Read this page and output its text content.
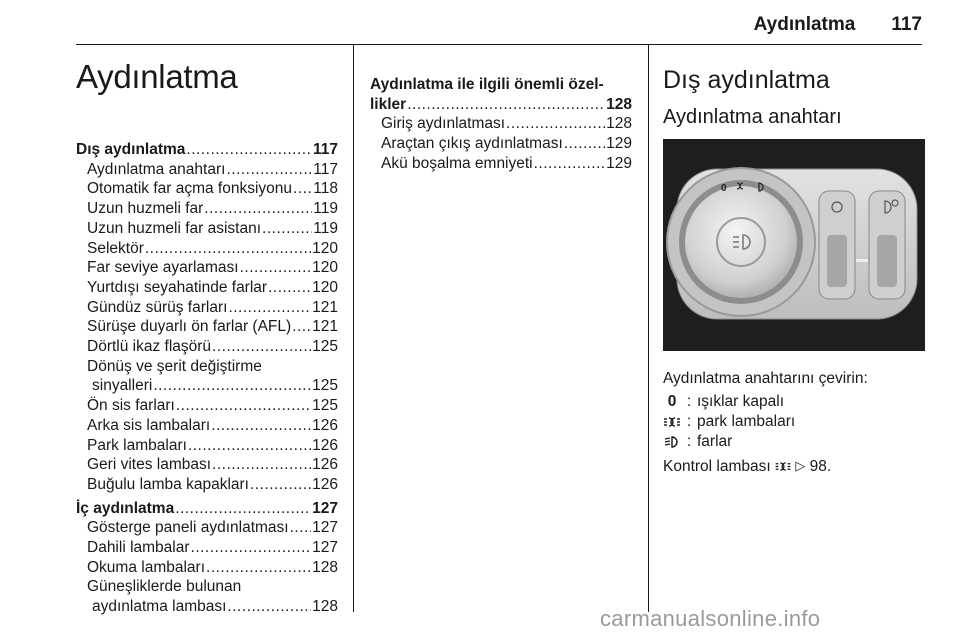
Aydınlatma 117
Aydınlatma
Dış aydınlatma .....	117
Aydınlatma anahtarı .....	117
Otomatik far açma fonksiyonu ..... 118
Uzun huzmeli far .....	119
Uzun huzmeli far asistanı .....	119
Selektör .....	120
Far seviye ayarlaması .....	120
Yurtdışı seyahatinde farlar .....	120
Gündüz sürüş farları .....	121
Sürüşe duyarlı ön farlar (AFL) ..... 121
Dörtlü ikaz flaşörü .....	125
Dönüş ve şerit değiştirme
sinyalleri .....	125
Ön sis farları .....	125
Arka sis lambaları .....	126
Park lambaları .....	126
Geri vites lambası .....	126
Buğulu lamba kapakları .....	126
İç aydınlatma .....	127
Gösterge paneli aydınlatması ..... 127
Dahili lambalar .....	127
Okuma lambaları .....	128
Güneşliklerde bulunan
aydınlatma lambası .....	128
Aydınlatma ile ilgili önemli özel-
likler .....	128
Giriş aydınlatması .....	128
Araçtan çıkış aydınlatması .....	129
Akü boşalma emniyeti .....	129
Dış aydınlatma
Aydınlatma anahtarı
0

Aydınlatma anahtarını çevirin:

0 : ışıklar kapalı
: park lambaları
: farlar

Kontrol lambası ▷ 98.

carmanualsonline.info
